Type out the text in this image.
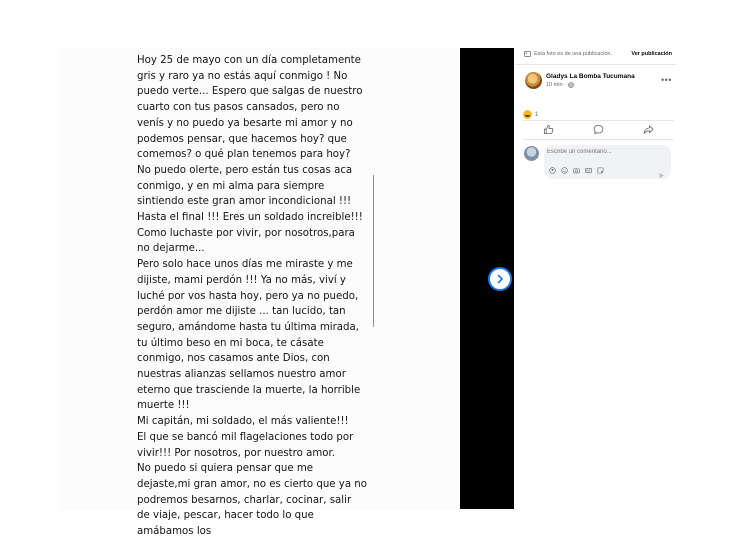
Hoy 25 de mayo con un día completamente gris y raro ya no estás aquí conmigo ! No puedo verte... Espero que salgas de nuestro cuarto con tus pasos cansados, pero no venís y no puedo ya besarte mi amor y no podemos pensar, que hacemos hoy? que comemos? o qué plan tenemos para hoy?

No puedo olerte, pero están tus cosas aca conmigo, y en mi alma para siempre sintiendo este gran amor incondicional !!!

Hasta el final !!! Eres un soldado increible!!! Como luchaste por vivir, por nosotros,para no dejarme...

Pero solo hace unos días me miraste y me dijiste, mami perdón !!! Ya no más, viví y luché por vos hasta hoy, pero ya no puedo, perdón amor me dijiste ... tan lucido, tan seguro, amándome hasta tu última mirada, tu último beso en mi boca, te cásate conmigo, nos casamos ante Dios, con nuestras alianzas sellamos nuestro amor eterno que trasciende la muerte, la horrible muerte !!!

Mi capitán, mi soldado, el más valiente!!!

El que se bancó mil flagelaciones todo por vivir!!! Por nosotros, por nuestro amor.

No puedo si quiera pensar que me dejaste,mi gran amor, no es cierto que ya no podremos besarnos, charlar, cocinar, salir de viaje, pescar, hacer todo lo que amábamos los

Esta foto es de una publicación.	Ver publicación
Gladys La Bomba Tucumana
10 min ·	•••
1
Escribe un comentario...
